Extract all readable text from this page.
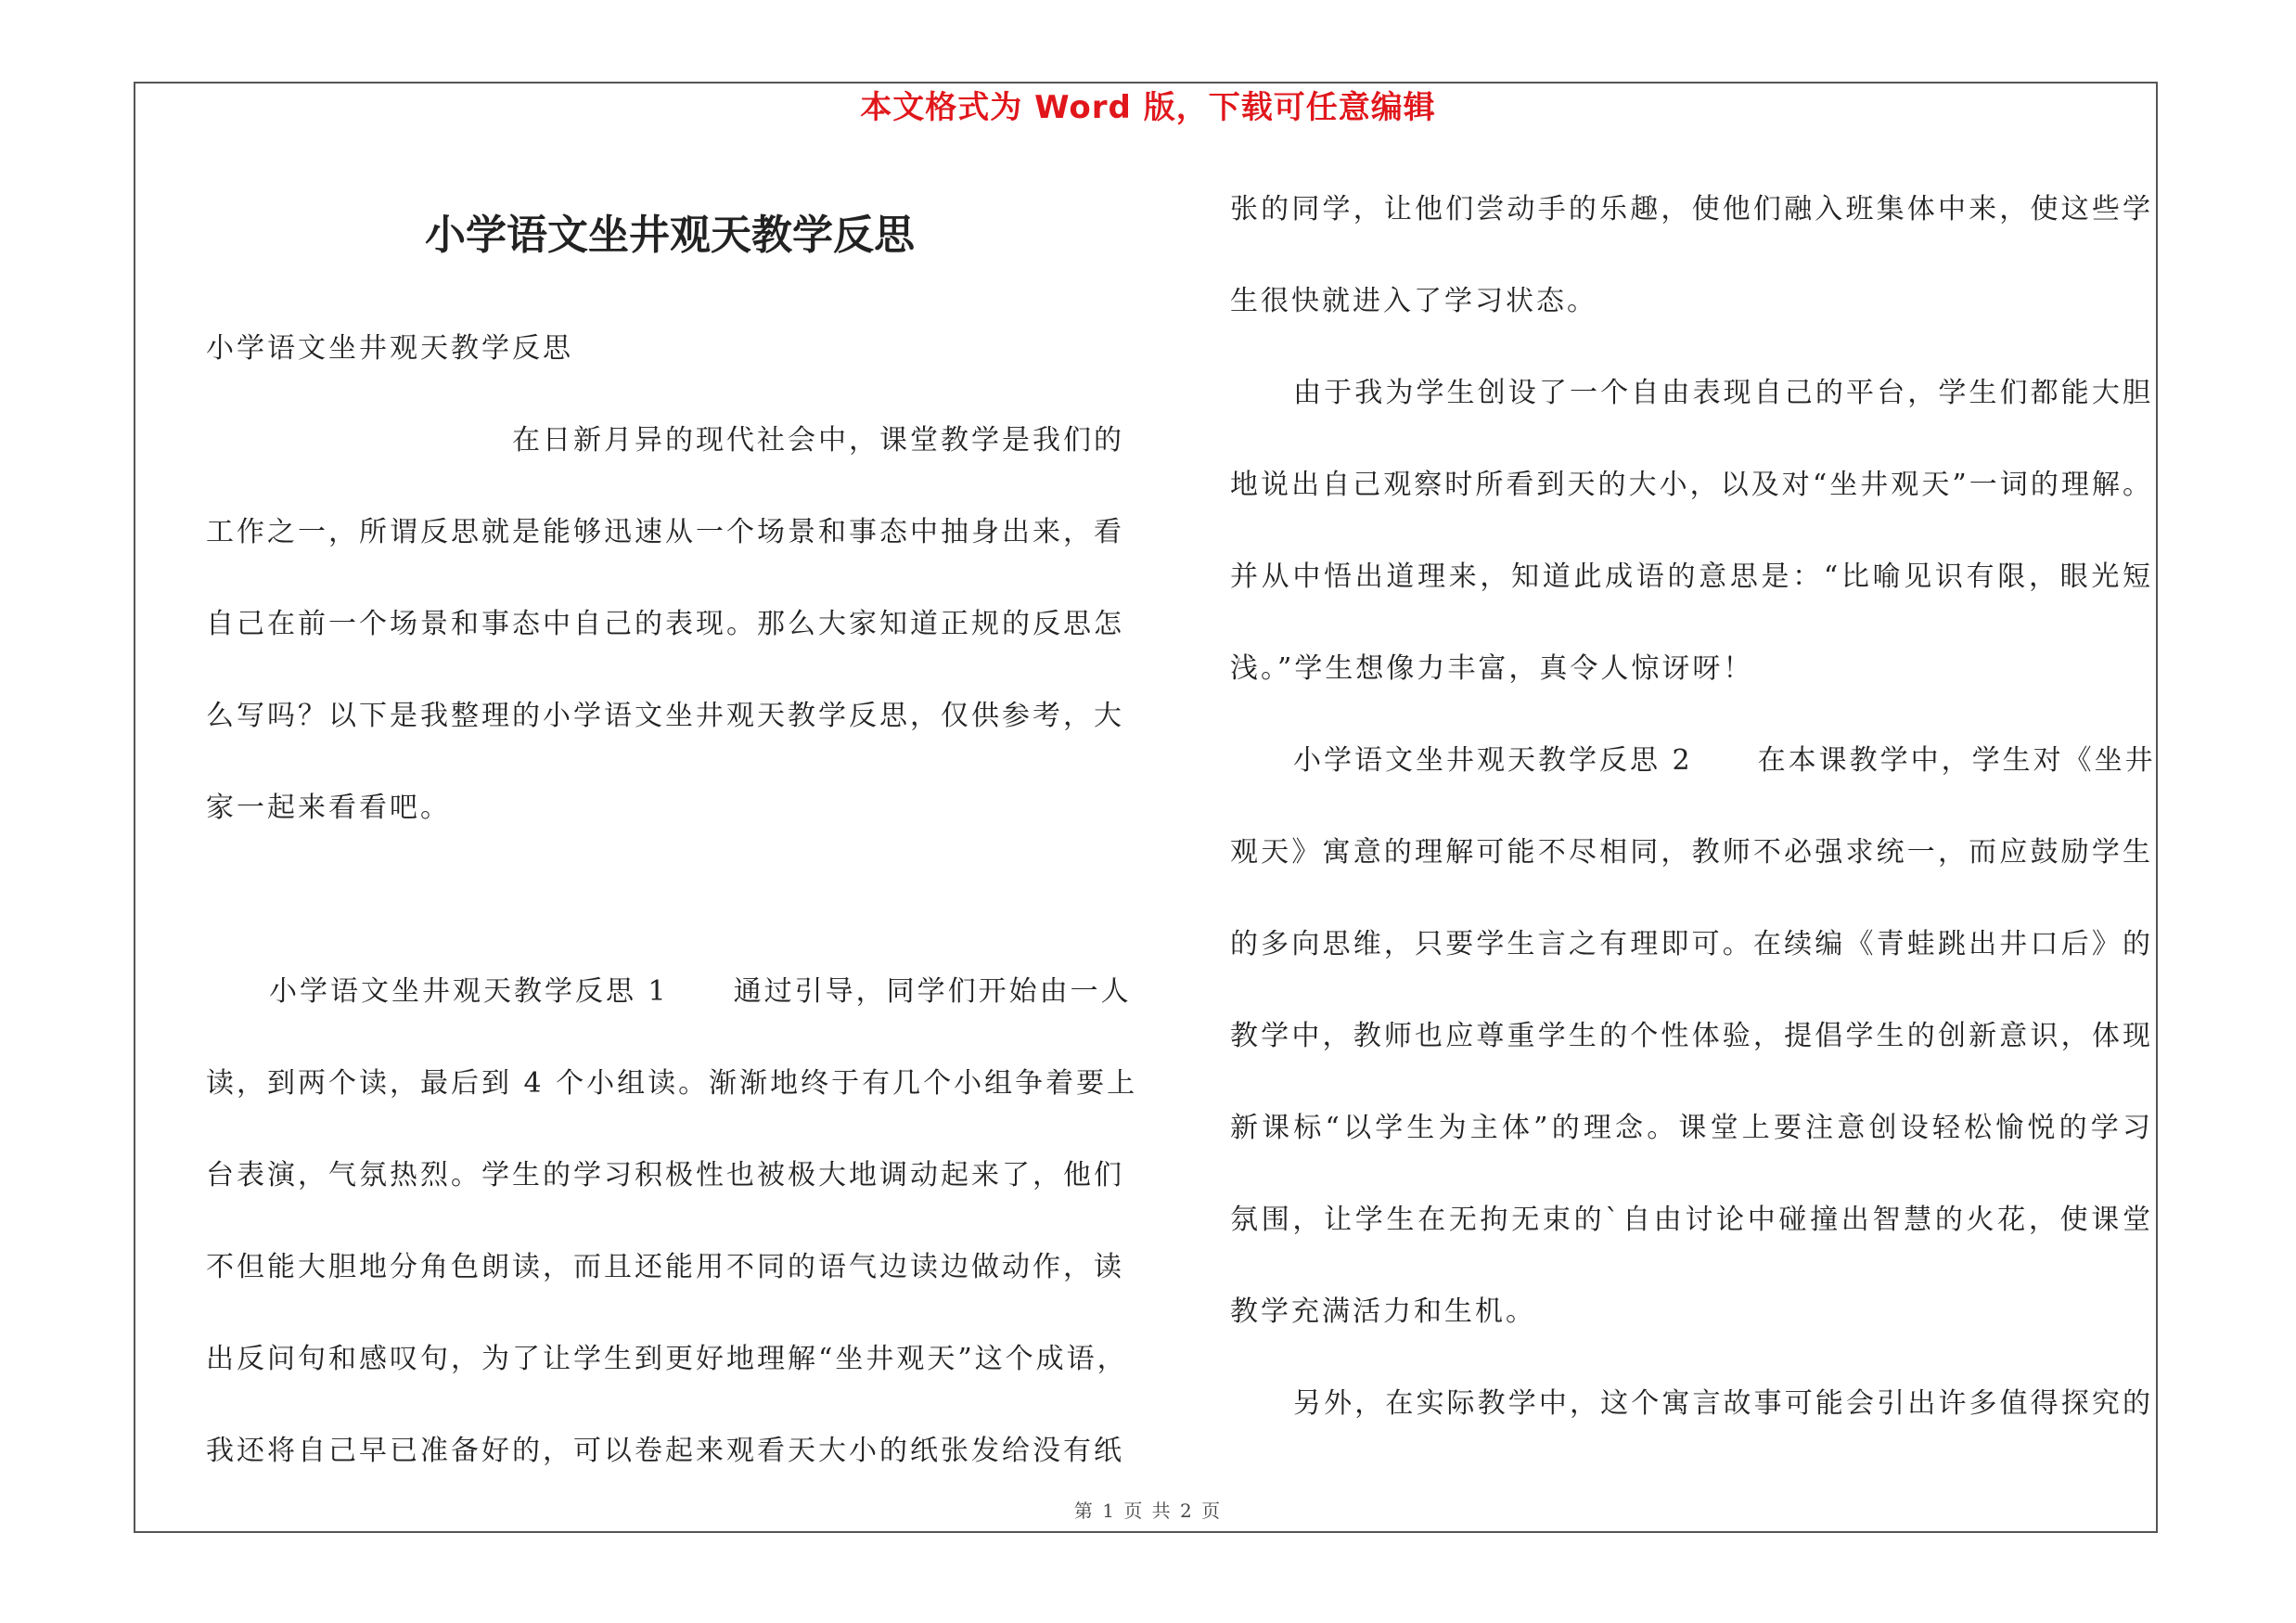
本文格式为 Word 版，下载可任意编辑
小学语文坐井观天教学反思

小学语文坐井观天教学反思

在日新月异的现代社会中，课堂教学是我们的
工作之一，所谓反思就是能够迅速从一个场景和事态中抽身出来，看
自己在前一个场景和事态中自己的表现。那么大家知道正规的反思怎
么写吗？以下是我整理的小学语文坐井观天教学反思，仅供参考，大
家一起来看看吧。
小学语文坐井观天教学反思 1 通过引导，同学们开始由一人
读，到两个读，最后到 4 个小组读。渐渐地终于有几个小组争着要上
台表演，气氛热烈。学生的学习积极性也被极大地调动起来了，他们
不但能大胆地分角色朗读，而且还能用不同的语气边读边做动作，读
出反问句和感叹句，为了让学生到更好地理解“坐井观天”这个成语，
我还将自己早已准备好的，可以卷起来观看天大小的纸张发给没有纸
张的同学，让他们尝动手的乐趣，使他们融入班集体中来，使这些学
生很快就进入了学习状态。
由于我为学生创设了一个自由表现自己的平台，学生们都能大胆
地说出自己观察时所看到天的大小，以及对“坐井观天”一词的理解。
并从中悟出道理来，知道此成语的意思是：“比喻见识有限，眼光短
浅。”学生想像力丰富，真令人惊讶呀！
小学语文坐井观天教学反思 2 在本课教学中，学生对《坐井
观天》寓意的理解可能不尽相同，教师不必强求统一，而应鼓励学生
的多向思维，只要学生言之有理即可。在续编《青蛙跳出井口后》的
教学中，教师也应尊重学生的个性体验，提倡学生的创新意识，体现
新课标“以学生为主体”的理念。课堂上要注意创设轻松愉悦的学习
氛围，让学生在无拘无束的`自由讨论中碰撞出智慧的火花，使课堂
教学充满活力和生机。
另外，在实际教学中，这个寓言故事可能会引出许多值得探究的
第 1 页 共 2 页
